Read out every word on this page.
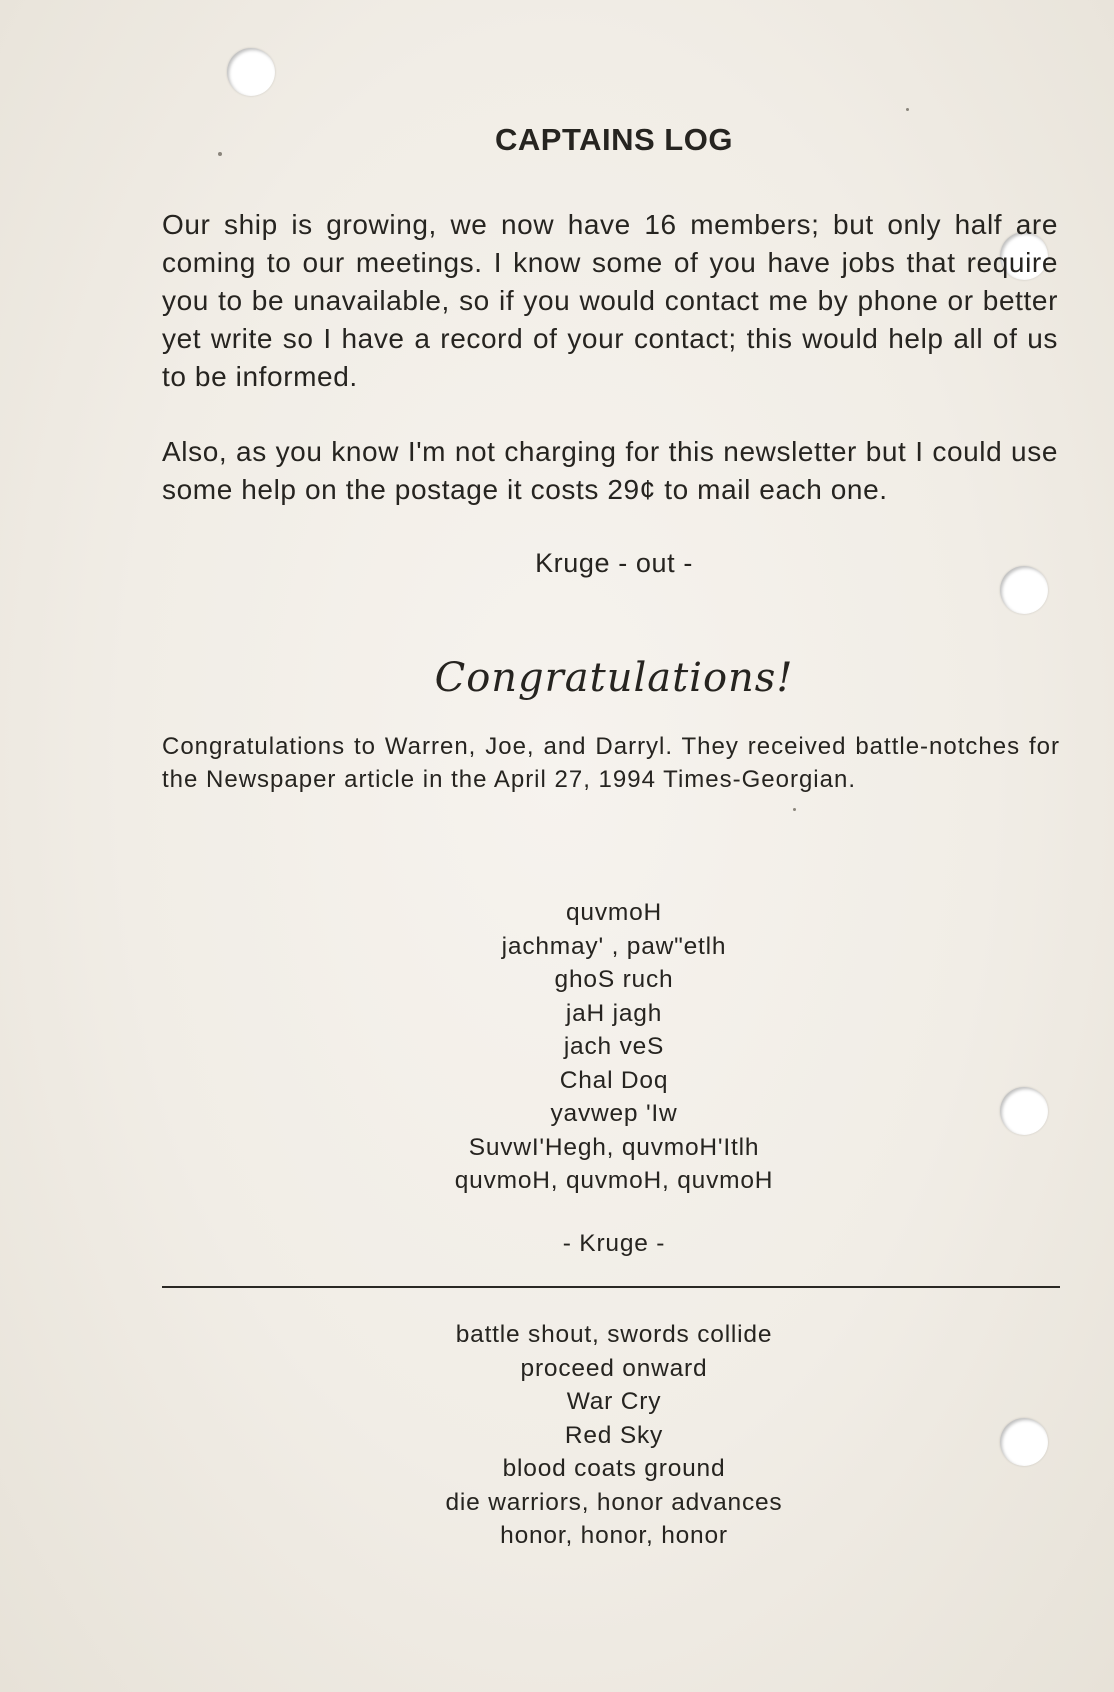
CAPTAINS LOG
Our ship is growing, we now have 16 members; but only half are coming to our meetings. I know some of you have jobs that require you to be unavailable, so if you would contact me by phone or better yet write so I have a record of your contact; this would help all of us to be informed.
Also, as you know I'm not charging for this newsletter but I could use some help on the postage it costs 29¢ to mail each one.
Kruge - out -
Congratulations!
Congratulations to Warren, Joe, and Darryl. They received battle-notches for the Newspaper article in the April 27, 1994 Times-Georgian.
quvmoH
jachmay' , paw"etlh
ghoS ruch
jaH jagh
jach veS
Chal Doq
yavwep 'Iw
SuvwI'Hegh, quvmoH'Itlh
quvmoH, quvmoH, quvmoH
- Kruge -
battle shout, swords collide
proceed onward
War Cry
Red Sky
blood coats ground
die warriors, honor advances
honor, honor, honor
